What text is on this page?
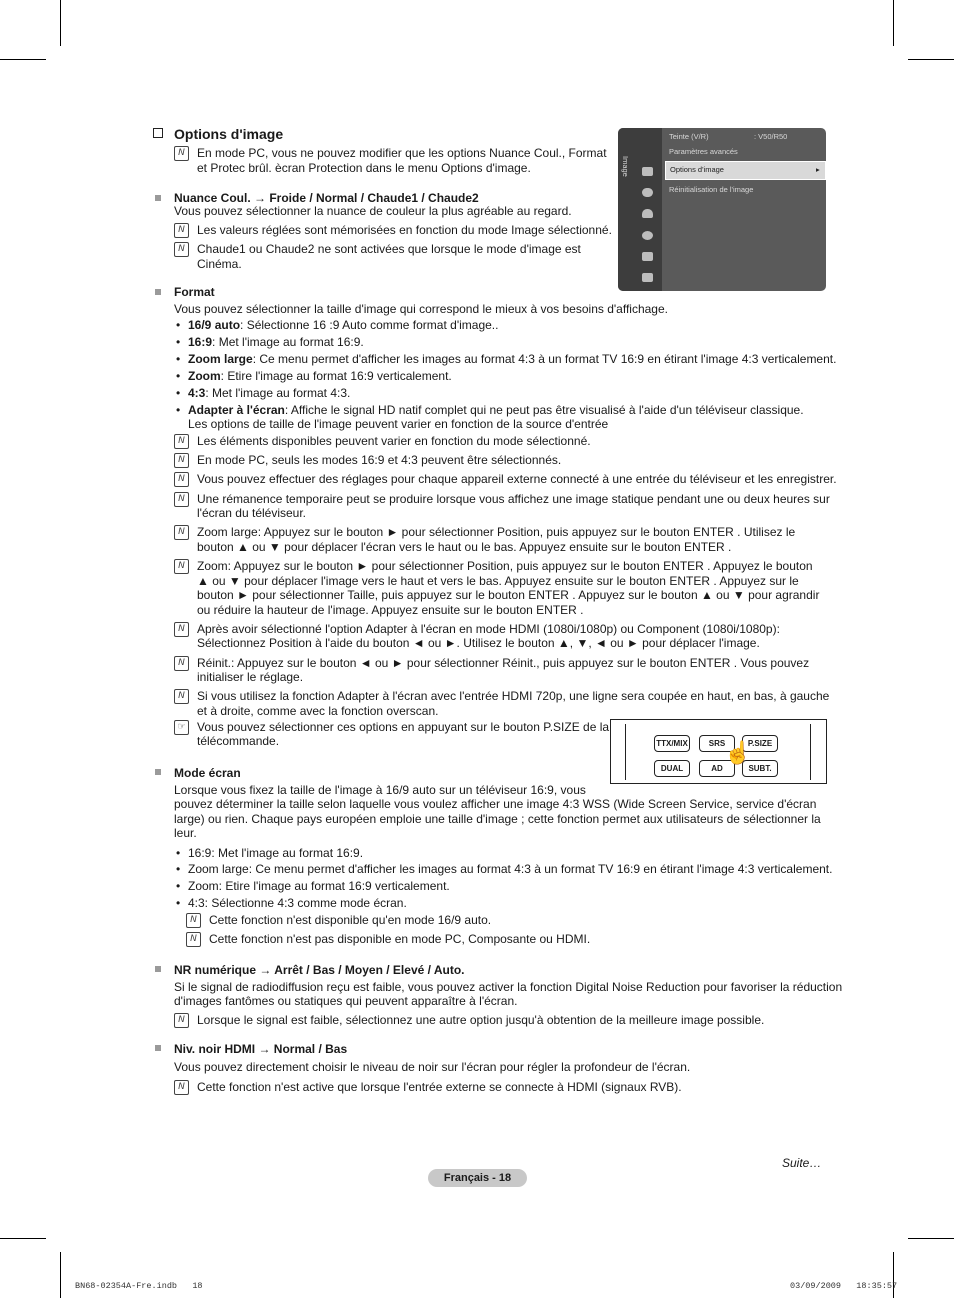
Options d'image
N	En mode PC, vous ne pouvez modifier que les options Nuance Coul., Format et Protec brûl. ècran Protection dans le menu Options d'image.	Image
Teinte (V/R)	: V50/R50
Paramètres avancés
Options d'image	▸
Réinitialisation de l'image
Nuance Coul. → Froide / Normal / Chaude1 / Chaude2
Vous pouvez sélectionner la nuance de couleur la plus agréable au regard.
N	Les valeurs réglées sont mémorisées en fonction du mode Image sélectionné.
N	Chaude1 ou Chaude2 ne sont activées que lorsque le mode d'image est
Cinéma.
Format
Vous pouvez sélectionner la taille d'image qui correspond le mieux à vos besoins d'affichage.
• 16/9 auto: Sélectionne 16 :9 Auto comme format d'image..
• 16:9: Met l'image au format 16:9.
• Zoom large: Ce menu permet d'afficher les images au format 4:3 à un format TV 16:9 en étirant l'image 4:3 verticalement.
• Zoom: Etire l'image au format 16:9 verticalement.
• 4:3: Met l'image au format 4:3.
• Adapter à l'écran: Affiche le signal HD natif complet qui ne peut pas être visualisé à l'aide d'un téléviseur classique.
Les options de taille de l'image peuvent varier en fonction de la source d'entrée
N	Les éléments disponibles peuvent varier en fonction du mode sélectionné.
N	En mode PC, seuls les modes 16:9 et 4:3 peuvent être sélectionnés.
N	Vous pouvez effectuer des réglages pour chaque appareil externe connecté à une entrée du téléviseur et les enregistrer.
N	Une rémanence temporaire peut se produire lorsque vous affichez une image statique pendant une ou deux heures sur
l'écran du téléviseur.
N	Zoom large: Appuyez sur le bouton ► pour sélectionner Position, puis appuyez sur le bouton ENTER . Utilisez le
bouton ▲ ou ▼ pour déplacer l'écran vers le haut ou le bas. Appuyez ensuite sur le bouton ENTER .
N	Zoom: Appuyez sur le bouton ► pour sélectionner Position, puis appuyez sur le bouton ENTER . Appuyez le bouton
▲ ou ▼ pour déplacer l'image vers le haut et vers le bas. Appuyez ensuite sur le bouton ENTER . Appuyez sur le
bouton ► pour sélectionner Taille, puis appuyez sur le bouton ENTER . Appuyez sur le bouton ▲ ou ▼ pour agrandir
ou réduire la hauteur de l'image. Appuyez ensuite sur le bouton ENTER .
N	Après avoir sélectionné l'option Adapter à l'écran en mode HDMI (1080i/1080p) ou Component (1080i/1080p):
Sélectionnez Position à l'aide du bouton ◄ ou ►. Utilisez le bouton ▲, ▼, ◄ ou ► pour déplacer l'image.
N	Réinit.: Appuyez sur le bouton ◄ ou ► pour sélectionner Réinit., puis appuyez sur le bouton ENTER . Vous pouvez
initialiser le réglage.
N	Si vous utilisez la fonction Adapter à l'écran avec l'entrée HDMI 720p, une ligne sera coupée en haut, en bas, à gauche
et à droite, comme avec la fonction overscan.
☞ Vous pouvez sélectionner ces options en appuyant sur le bouton P.SIZE de la
télécommande.	TTX/MIX	SRS	P.SIZE
DUAL	AD	SUBT.
☝
Mode écran
Lorsque vous fixez la taille de l'image à 16/9 auto sur un téléviseur 16:9, vous
pouvez déterminer la taille selon laquelle vous voulez afficher une image 4:3 WSS (Wide Screen Service, service d'écran
large) ou rien. Chaque pays européen emploie une taille d'image ; cette fonction permet aux utilisateurs de sélectionner la
leur.
• 16:9: Met l'image au format 16:9.
• Zoom large: Ce menu permet d'afficher les images au format 4:3 à un format TV 16:9 en étirant l'image 4:3 verticalement.
• Zoom: Etire l'image au format 16:9 verticalement.
• 4:3: Sélectionne 4:3 comme mode écran.
N	Cette fonction n'est disponible qu'en mode 16/9 auto.
N	Cette fonction n'est pas disponible en mode PC, Composante ou HDMI.
NR numérique → Arrêt / Bas / Moyen / Elevé / Auto.
Si le signal de radiodiffusion reçu est faible, vous pouvez activer la fonction Digital Noise Reduction pour favoriser la réduction
d'images fantômes ou statiques qui peuvent apparaître à l'écran.
N	Lorsque le signal est faible, sélectionnez une autre option jusqu'à obtention de la meilleure image possible.
Niv. noir HDMI → Normal / Bas
Vous pouvez directement choisir le niveau de noir sur l'écran pour régler la profondeur de l'écran.
N	Cette fonction n'est active que lorsque l'entrée externe se connecte à HDMI (signaux RVB).
Suite…
Français - 18
BN68-02354A-Fre.indb   18	03/09/2009   18:35:57
